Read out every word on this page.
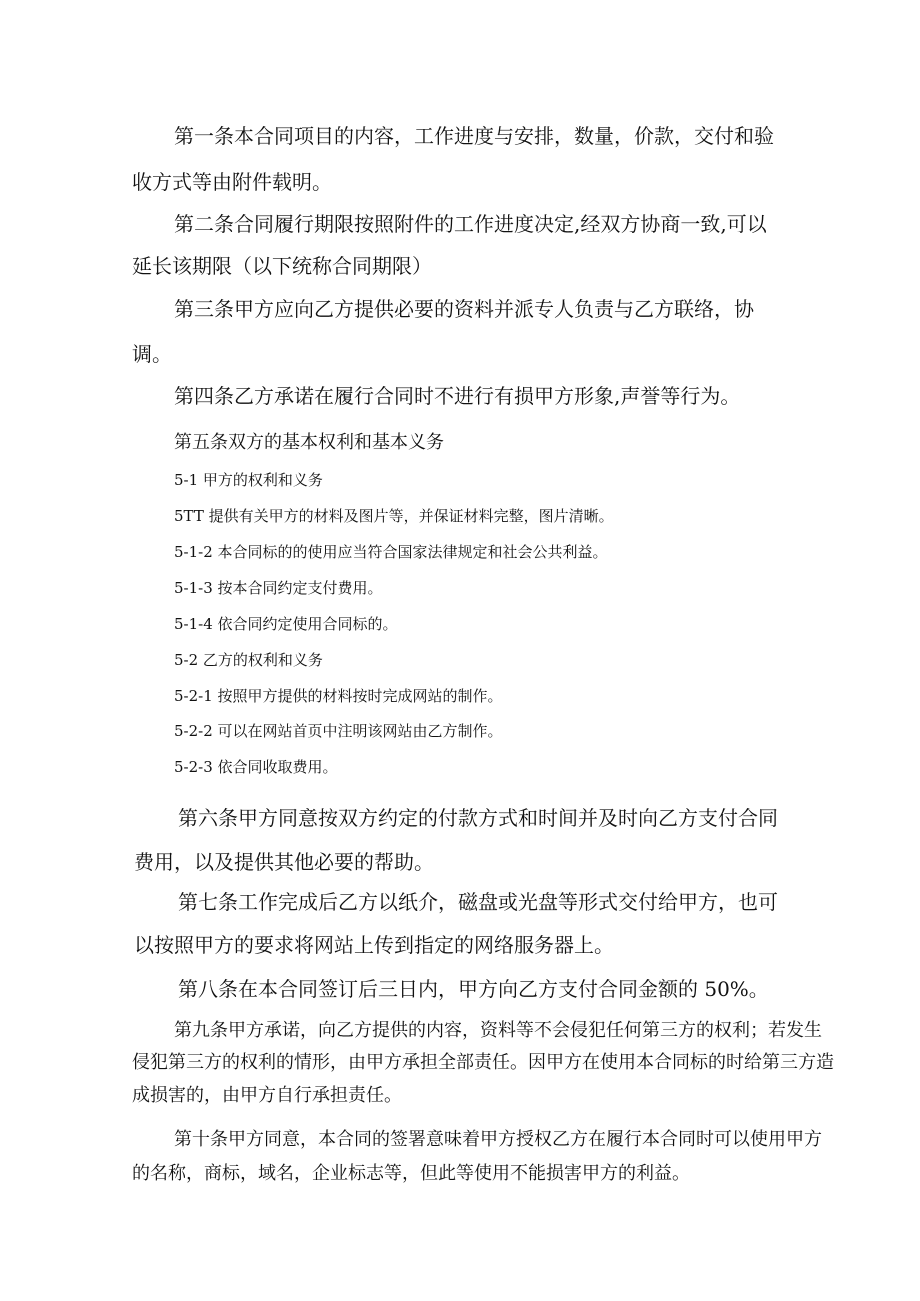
第一条本合同项目的内容，工作进度与安排，数量，价款，交付和验
收方式等由附件载明。
第二条合同履行期限按照附件的工作进度决定,经双方协商一致,可以
延长该期限（以下统称合同期限）
第三条甲方应向乙方提供必要的资料并派专人负责与乙方联络，协
调。
第四条乙方承诺在履行合同时不进行有损甲方形象,声誉等行为。
第五条双方的基本权利和基本义务
5-1 甲方的权利和义务
5TT 提供有关甲方的材料及图片等，并保证材料完整，图片清晰。
5-1-2 本合同标的的使用应当符合国家法律规定和社会公共利益。
5-1-3 按本合同约定支付费用。
5-1-4 依合同约定使用合同标的。
5-2 乙方的权利和义务
5-2-1 按照甲方提供的材料按时完成网站的制作。
5-2-2 可以在网站首页中注明该网站由乙方制作。
5-2-3 依合同收取费用。
第六条甲方同意按双方约定的付款方式和时间并及时向乙方支付合同
费用，以及提供其他必要的帮助。
第七条工作完成后乙方以纸介，磁盘或光盘等形式交付给甲方，也可
以按照甲方的要求将网站上传到指定的网络服务器上。
第八条在本合同签订后三日内，甲方向乙方支付合同金额的 50%。
第九条甲方承诺，向乙方提供的内容，资料等不会侵犯任何第三方的权利；若发生
侵犯第三方的权利的情形，由甲方承担全部责任。因甲方在使用本合同标的时给第三方造
成损害的，由甲方自行承担责任。
第十条甲方同意，本合同的签署意味着甲方授权乙方在履行本合同时可以使用甲方
的名称，商标，域名，企业标志等，但此等使用不能损害甲方的利益。
